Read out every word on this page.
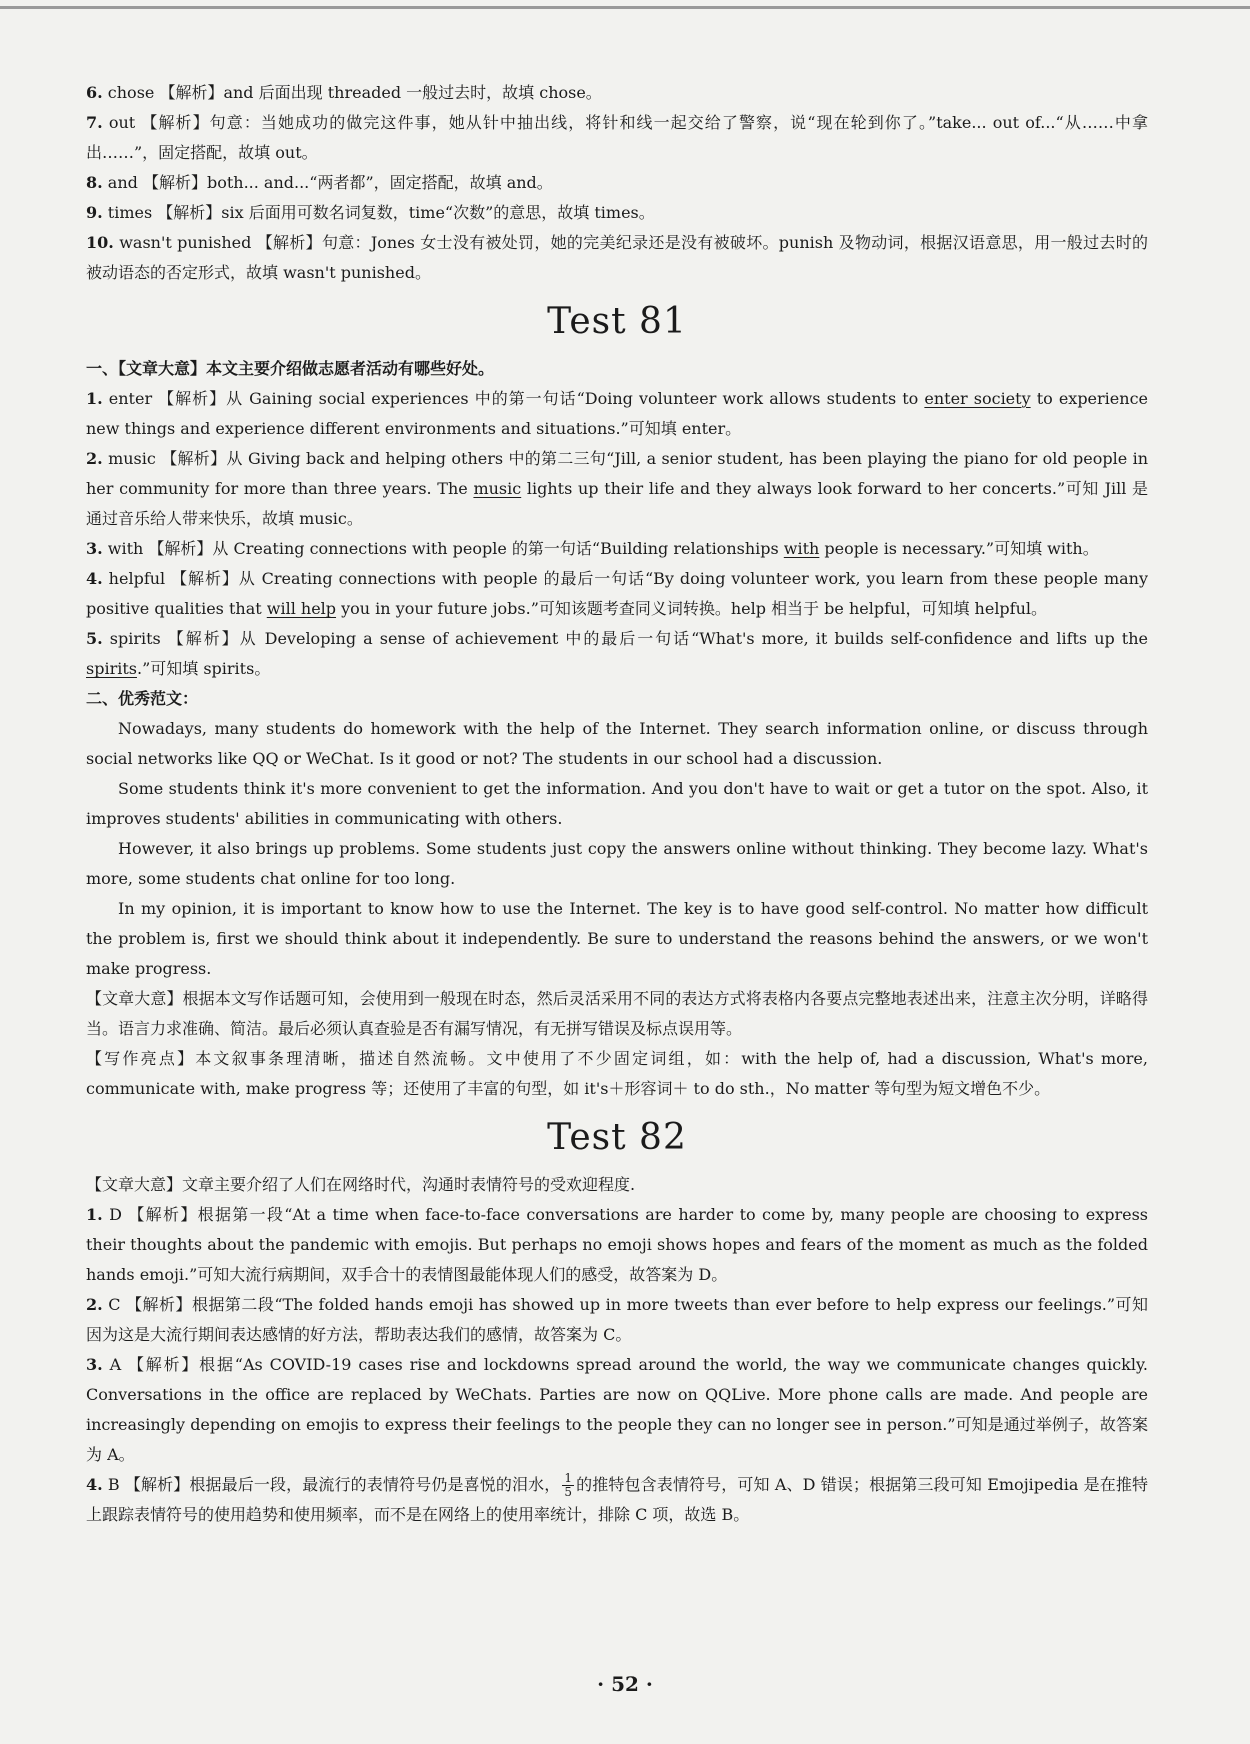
6. chose 【解析】and 后面出现 threaded 一般过去时，故填 chose。

7. out 【解析】句意：当她成功的做完这件事，她从针中抽出线，将针和线一起交给了警察，说“现在轮到你了。”take... out of...“从……中拿出……”，固定搭配，故填 out。

8. and 【解析】both... and...“两者都”，固定搭配，故填 and。

9. times 【解析】six 后面用可数名词复数，time“次数”的意思，故填 times。

10. wasn't punished 【解析】句意：Jones 女士没有被处罚，她的完美纪录还是没有被破坏。punish 及物动词，根据汉语意思，用一般过去时的被动语态的否定形式，故填 wasn't punished。

Test 81

一、【文章大意】本文主要介绍做志愿者活动有哪些好处。

1. enter 【解析】从 Gaining social experiences 中的第一句话“Doing volunteer work allows students to enter society to experience new things and experience different environments and situations.”可知填 enter。

2. music 【解析】从 Giving back and helping others 中的第二三句“Jill, a senior student, has been playing the piano for old people in her community for more than three years. The music lights up their life and they always look forward to her concerts.”可知 Jill 是通过音乐给人带来快乐，故填 music。

3. with 【解析】从 Creating connections with people 的第一句话“Building relationships with people is necessary.”可知填 with。

4. helpful 【解析】从 Creating connections with people 的最后一句话“By doing volunteer work, you learn from these people many positive qualities that will help you in your future jobs.”可知该题考查同义词转换。help 相当于 be helpful，可知填 helpful。

5. spirits 【解析】从 Developing a sense of achievement 中的最后一句话“What's more, it builds self-confidence and lifts up the spirits.”可知填 spirits。

二、优秀范文：

Nowadays, many students do homework with the help of the Internet. They search information online, or discuss through social networks like QQ or WeChat. Is it good or not? The students in our school had a discussion.

Some students think it's more convenient to get the information. And you don't have to wait or get a tutor on the spot. Also, it improves students' abilities in communicating with others.

However, it also brings up problems. Some students just copy the answers online without thinking. They become lazy. What's more, some students chat online for too long.

In my opinion, it is important to know how to use the Internet. The key is to have good self-control. No matter how difficult the problem is, first we should think about it independently. Be sure to understand the reasons behind the answers, or we won't make progress.

【文章大意】根据本文写作话题可知，会使用到一般现在时态，然后灵活采用不同的表达方式将表格内各要点完整地表述出来，注意主次分明，详略得当。语言力求准确、简洁。最后必须认真查验是否有漏写情况，有无拼写错误及标点误用等。

【写作亮点】本文叙事条理清晰，描述自然流畅。文中使用了不少固定词组，如：with the help of, had a discussion, What's more, communicate with, make progress 等；还使用了丰富的句型，如 it's＋形容词＋ to do sth.，No matter 等句型为短文增色不少。

Test 82

【文章大意】文章主要介绍了人们在网络时代，沟通时表情符号的受欢迎程度.

1. D 【解析】根据第一段“At a time when face-to-face conversations are harder to come by, many people are choosing to express their thoughts about the pandemic with emojis. But perhaps no emoji shows hopes and fears of the moment as much as the folded hands emoji.”可知大流行病期间，双手合十的表情图最能体现人们的感受，故答案为 D。

2. C 【解析】根据第二段“The folded hands emoji has showed up in more tweets than ever before to help express our feelings.”可知因为这是大流行期间表达感情的好方法，帮助表达我们的感情，故答案为 C。

3. A 【解析】根据“As COVID-19 cases rise and lockdowns spread around the world, the way we communicate changes quickly. Conversations in the office are replaced by WeChats. Parties are now on QQLive. More phone calls are made. And people are increasingly depending on emojis to express their feelings to the people they can no longer see in person.”可知是通过举例子，故答案为 A。

4. B 【解析】根据最后一段，最流行的表情符号仍是喜悦的泪水， $\frac{1}{5}$ 的推特包含表情符号，可知 A、D 错误；根据第三段可知 Emojipedia 是在推特上跟踪表情符号的使用趋势和使用频率，而不是在网络上的使用率统计，排除 C 项，故选 B。

· 52 ·
